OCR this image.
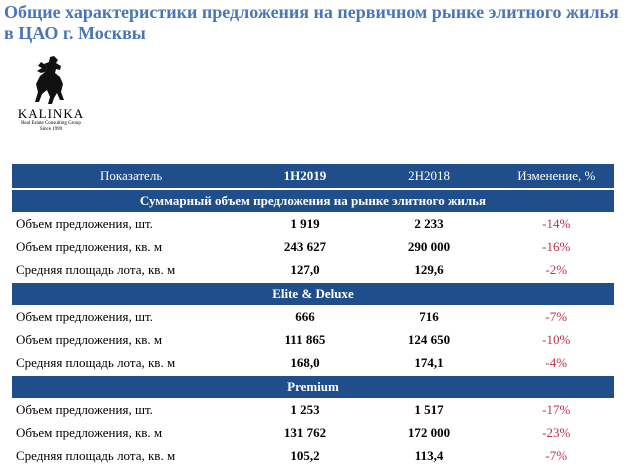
Общие характеристики предложения на первичном рынке элитного жилья в ЦАО г. Москвы
KALINKA
Real Estate Consulting Group
Since 1999
Показатель	1H2019	2H2018	Изменение, %
Суммарный объем предложения на рынке элитного жилья			
Объем предложения, шт.	1 919	2 233	-14%
Объем предложения, кв. м	243 627	290 000	-16%
Средняя площадь лота, кв. м	127,0	129,6	-2%
Elite & Deluxe			
Объем предложения, шт.	666	716	-7%
Объем предложения, кв. м	111 865	124 650	-10%
Средняя площадь лота, кв. м	168,0	174,1	-4%
Premium			
Объем предложения, шт.	1 253	1 517	-17%
Объем предложения, кв. м	131 762	172 000	-23%
Средняя площадь лота, кв. м	105,2	113,4	-7%
